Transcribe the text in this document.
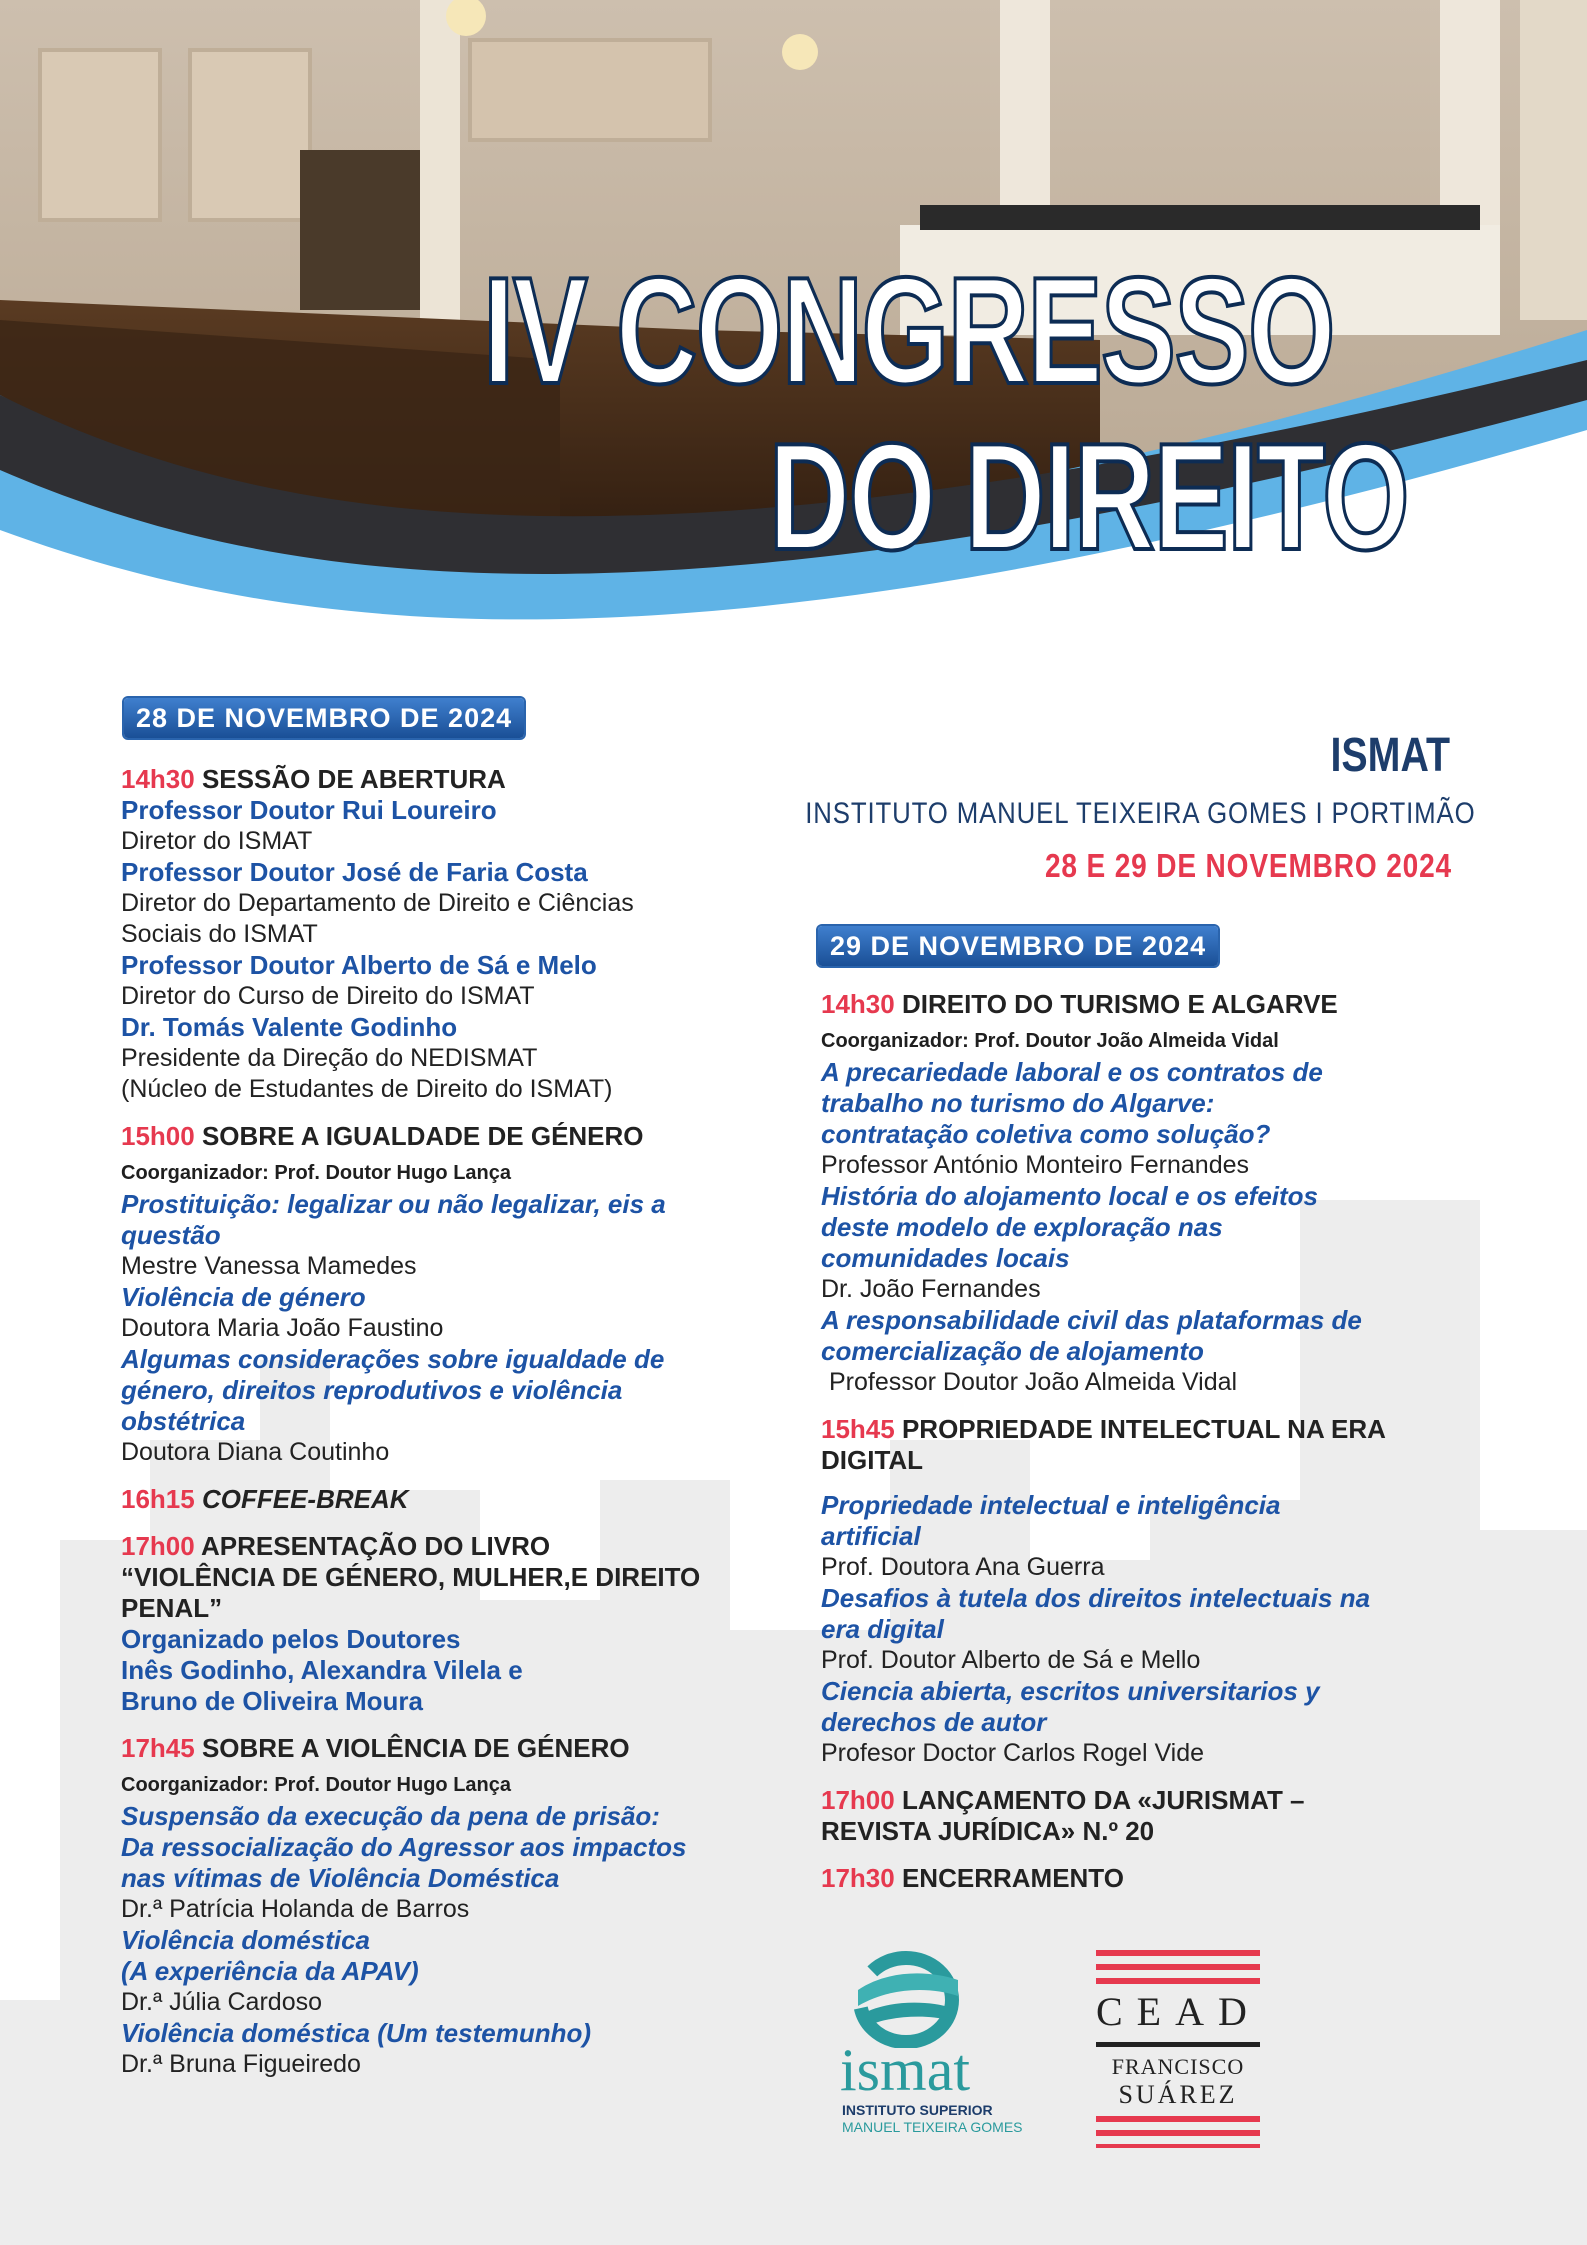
IV CONGRESSO
DO DIREITO
28 DE NOVEMBRO DE 2024
14h30 SESSÃO DE ABERTURA
Professor Doutor Rui Loureiro
Diretor do ISMAT
Professor Doutor José de Faria Costa
Diretor do Departamento de Direito e Ciências
Sociais do ISMAT
Professor Doutor Alberto de Sá e Melo
Diretor do Curso de Direito do ISMAT
Dr. Tomás Valente Godinho
Presidente da Direção do NEDISMAT
(Núcleo de Estudantes de Direito do ISMAT)
15h00 SOBRE A IGUALDADE DE GÉNERO
Coorganizador: Prof. Doutor Hugo Lança
Prostituição: legalizar ou não legalizar, eis a
questão
Mestre Vanessa Mamedes
Violência de género
Doutora Maria João Faustino
Algumas considerações sobre igualdade de
género, direitos reprodutivos e violência
obstétrica
Doutora Diana Coutinho
16h15 COFFEE-BREAK
17h00 APRESENTAÇÃO DO LIVRO
“VIOLÊNCIA DE GÉNERO, MULHER,E DIREITO
PENAL”
Organizado pelos Doutores
Inês Godinho, Alexandra Vilela e
Bruno de Oliveira Moura
17h45 SOBRE A VIOLÊNCIA DE GÉNERO
Coorganizador: Prof. Doutor Hugo Lança
Suspensão da execução da pena de prisão:
Da ressocialização do Agressor aos impactos
nas vítimas de Violência Doméstica
Dr.ª Patrícia Holanda de Barros
Violência doméstica
(A experiência da APAV)
Dr.ª Júlia Cardoso
Violência doméstica (Um testemunho)
Dr.ª Bruna Figueiredo
ISMAT
INSTITUTO MANUEL TEIXEIRA GOMES I PORTIMÃO
28 E 29 DE NOVEMBRO 2024
29 DE NOVEMBRO DE 2024
14h30 DIREITO DO TURISMO E ALGARVE
Coorganizador: Prof. Doutor João Almeida Vidal
A precariedade laboral e os contratos de
trabalho no turismo do Algarve:
contratação coletiva como solução?
Professor António Monteiro Fernandes
História do alojamento local e os efeitos
deste modelo de exploração nas
comunidades locais
Dr. João Fernandes
A responsabilidade civil das plataformas de
comercialização de alojamento
Professor Doutor João Almeida Vidal
15h45 PROPRIEDADE INTELECTUAL NA ERA
DIGITAL
Propriedade intelectual e inteligência
artificial
Prof. Doutora Ana Guerra
Desafios à tutela dos direitos intelectuais na
era digital
Prof. Doutor Alberto de Sá e Mello
Ciencia abierta, escritos universitarios y
derechos de autor
Profesor Doctor Carlos Rogel Vide
17h00 LANÇAMENTO DA «JURISMAT –
REVISTA JURÍDICA» N.º 20
17h30 ENCERRAMENTO
ismat
INSTITUTO SUPERIOR
MANUEL TEIXEIRA GOMES
CEAD
FRANCISCO
SUÁREZ
